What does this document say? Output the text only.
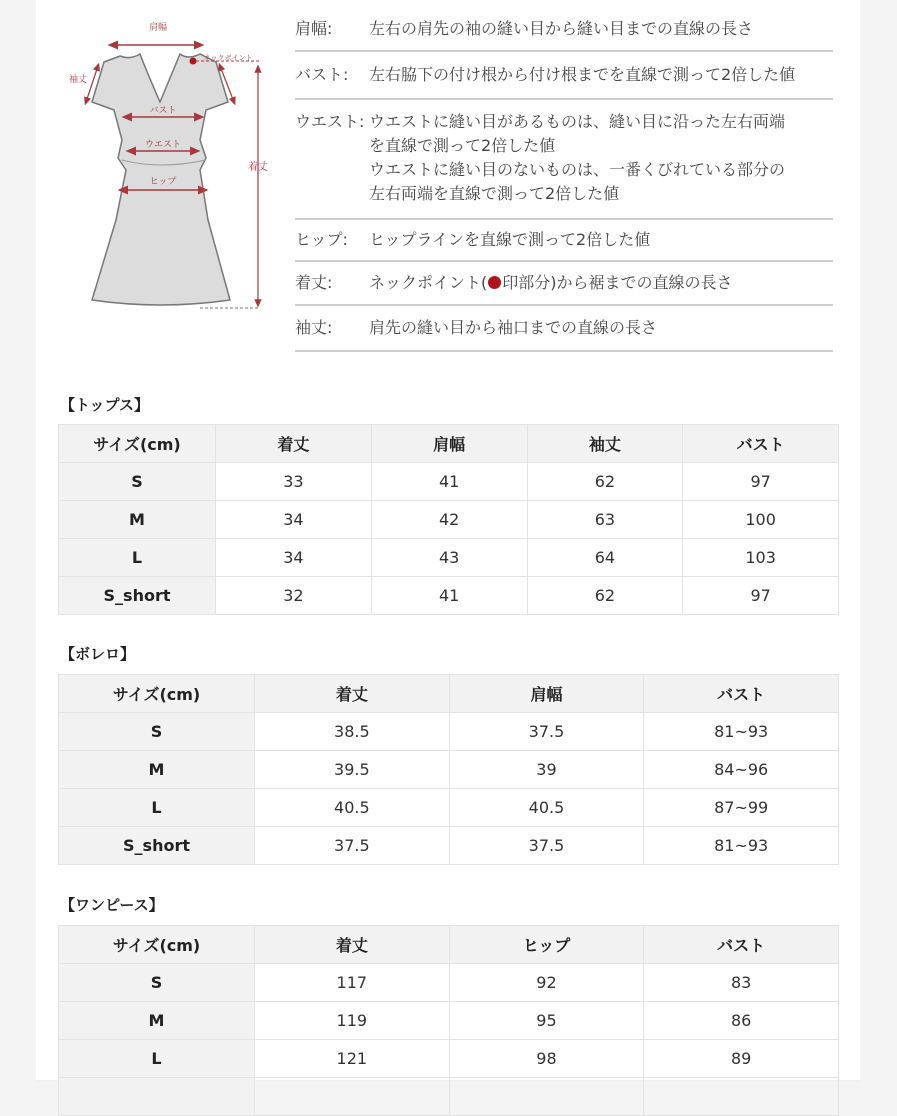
肩幅
ネックポイント
着丈
袖丈
バスト
ウエスト
ヒップ
肩幅:	左右の肩先の袖の縫い目から縫い目までの直線の長さ
バスト:	左右脇下の付け根から付け根までを直線で測って2倍した値
ウエスト: ウエストに縫い目があるものは、縫い目に沿った左右両端
を直線で測って2倍した値
ウエストに縫い目のないものは、一番くびれている部分の
左右両端を直線で測って2倍した値
ヒップ:	ヒップラインを直線で測って2倍した値
着丈:	ネックポイント( 印部分)から裾までの直線の長さ
袖丈:	肩先の縫い目から袖口までの直線の長さ
【トップス】
サイズ(cm)	着丈	肩幅	袖丈	バスト
S	33	41	62	97
M	34	42	63	100
L	34	43	64	103
S_short	32	41	62	97
【ボレロ】
サイズ(cm)	着丈	肩幅	バスト
S	38.5	37.5	81~93
M	39.5	39	84~96
L	40.5	40.5	87~99
S_short	37.5	37.5	81~93
【ワンピース】
サイズ(cm)	着丈	ヒップ	バスト
S	117	92	83
M	119	95	86
L	121	98	89
